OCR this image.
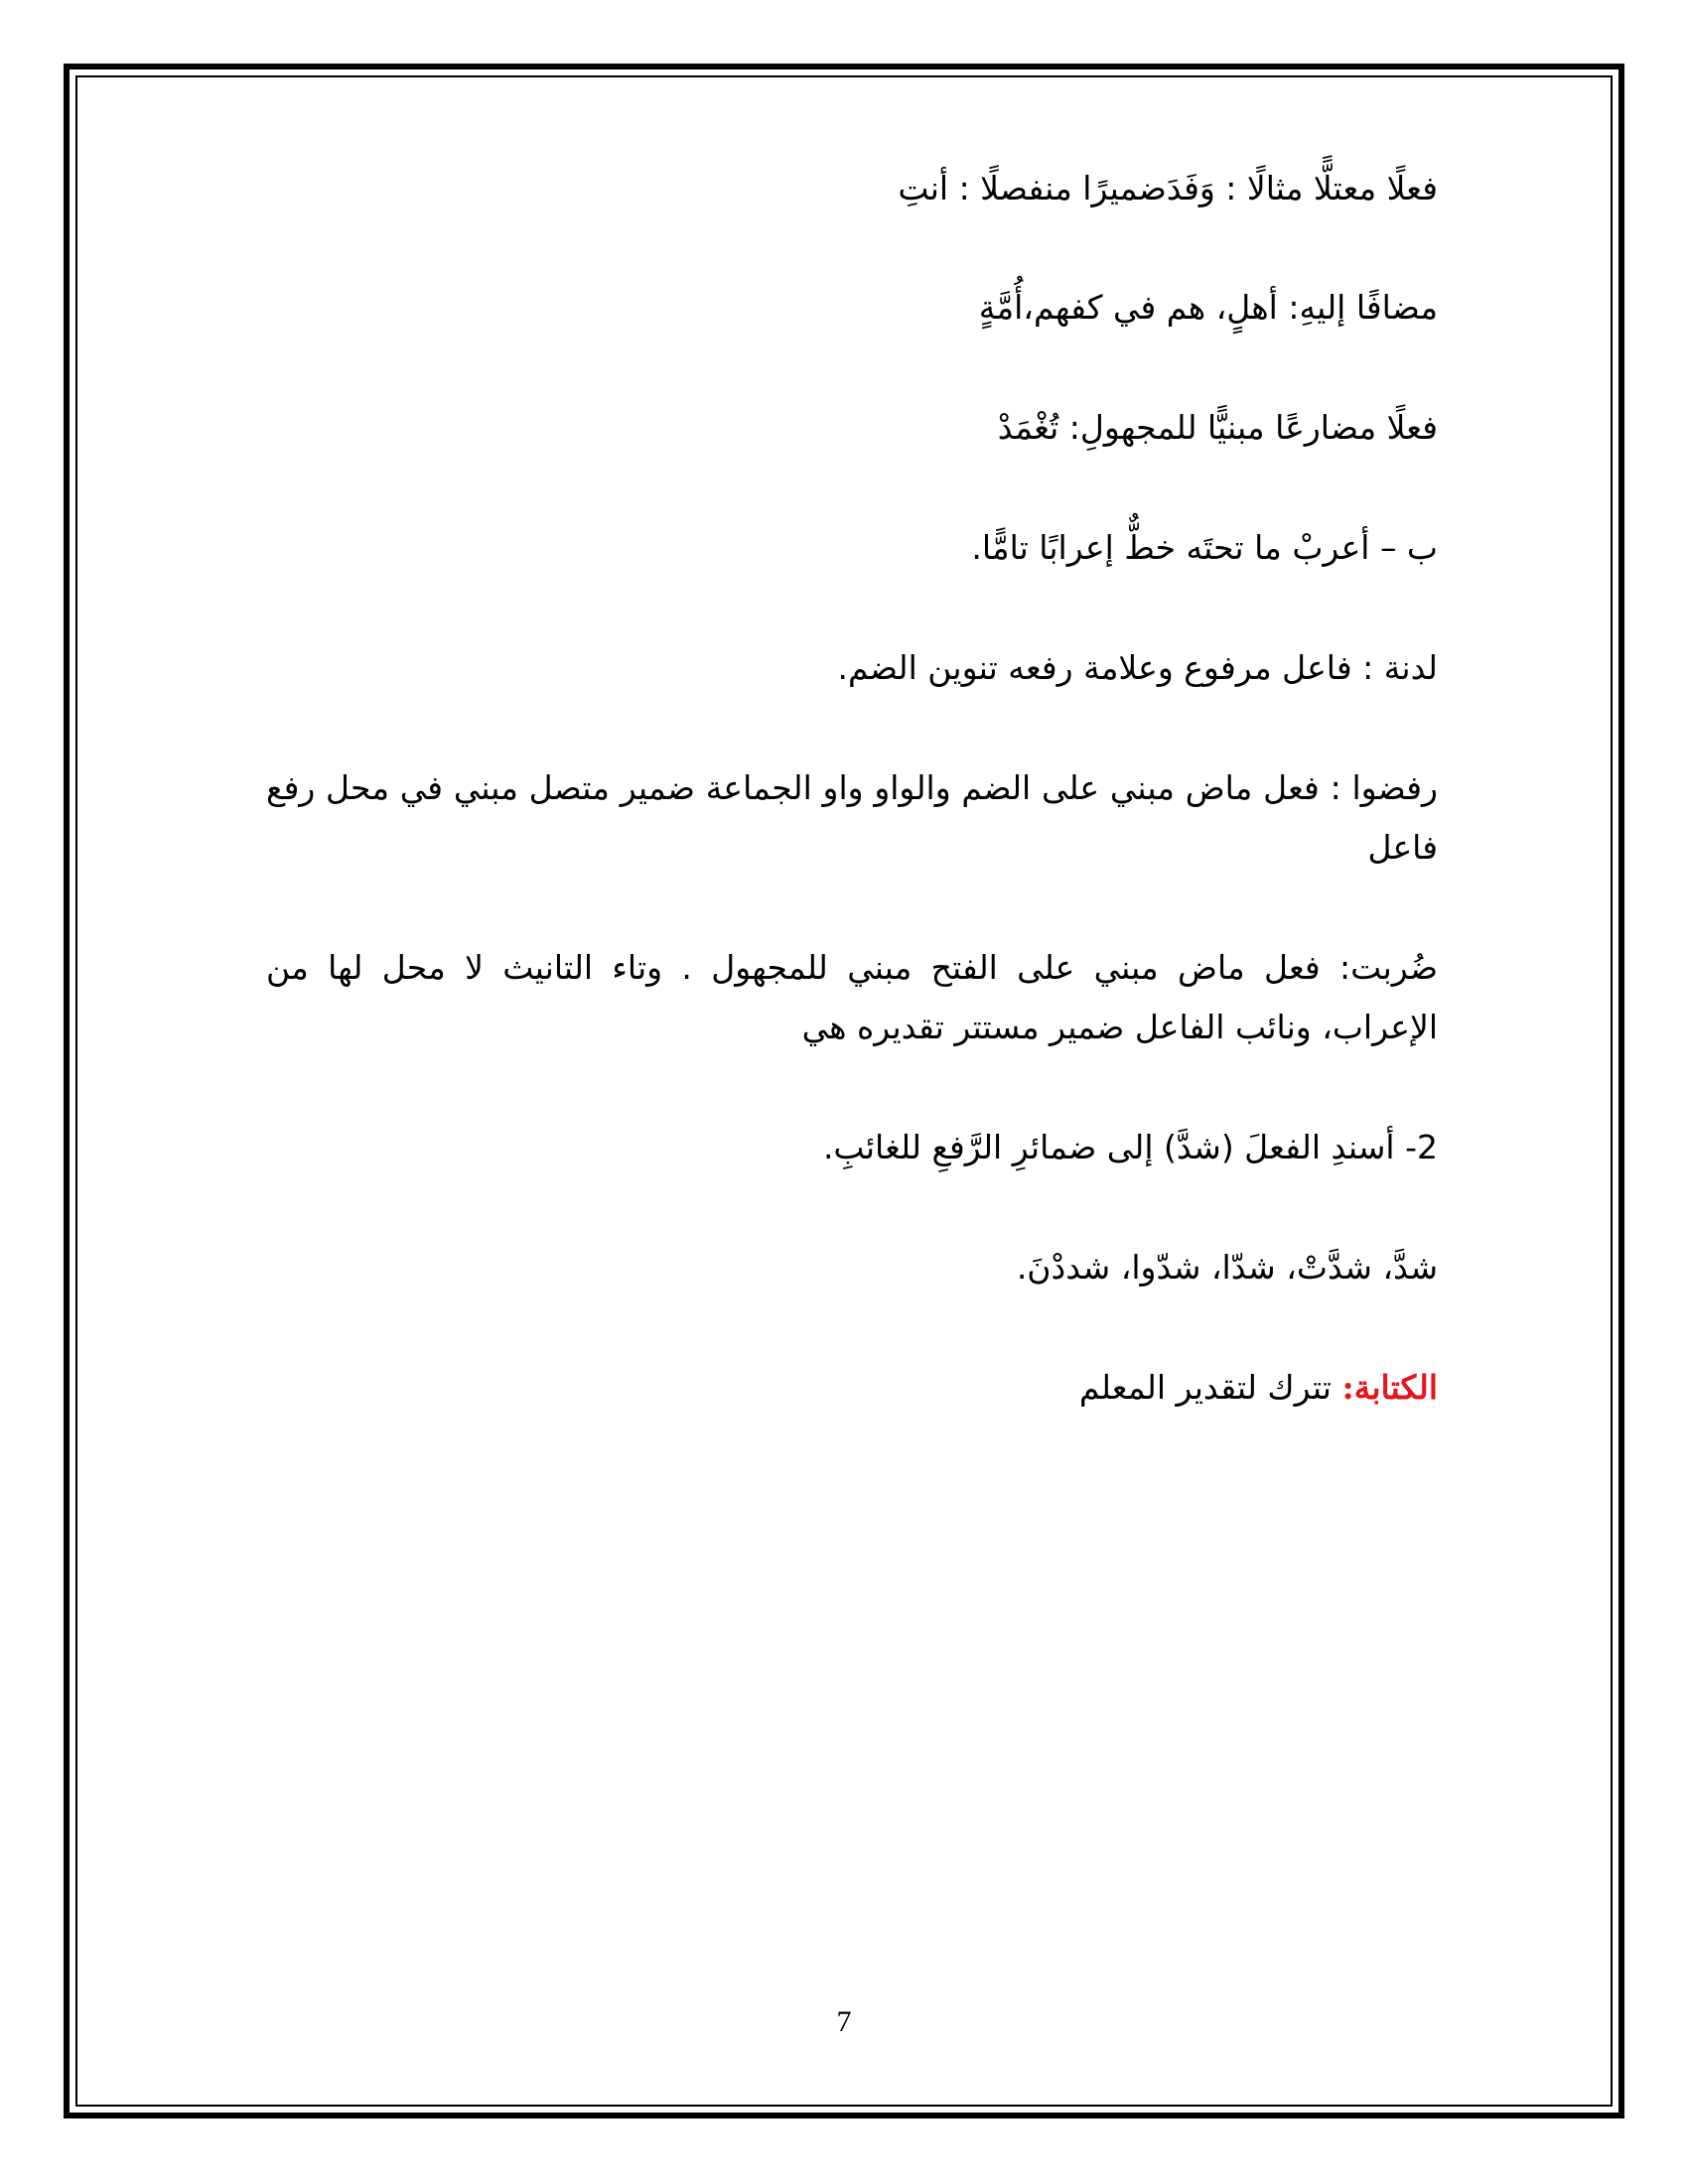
فعلًا معتلًّا مثالًا : وَفَدَضميرًا منفصلًا : أنتِ

مضافًا إليهِ: أهلٍ، هم في كفهم،أُمَّةٍ

فعلًا مضارعًا مبنيًّا للمجهولِ: تُغْمَدْ

ب – أعربْ ما تحتَه خطٌّ إعرابًا تامًّا.

لدنة : فاعل مرفوع وعلامة رفعه تنوين الضم.

رفضوا : فعل ماض مبني على الضم والواو واو الجماعة ضمير متصل مبني في محل رفع فاعل

ضُربت: فعل ماض مبني على الفتح مبني للمجهول . وتاء التانيث لا محل لها من الإعراب، ونائب الفاعل ضمير مستتر تقديره هي

2- أسندِ الفعلَ (شدَّ) إلى ضمائرِ الرَّفعِ للغائبِ.

شدَّ، شدَّتْ، شدّا، شدّوا، شددْنَ.

الكتابة: تترك لتقدير المعلم

7
